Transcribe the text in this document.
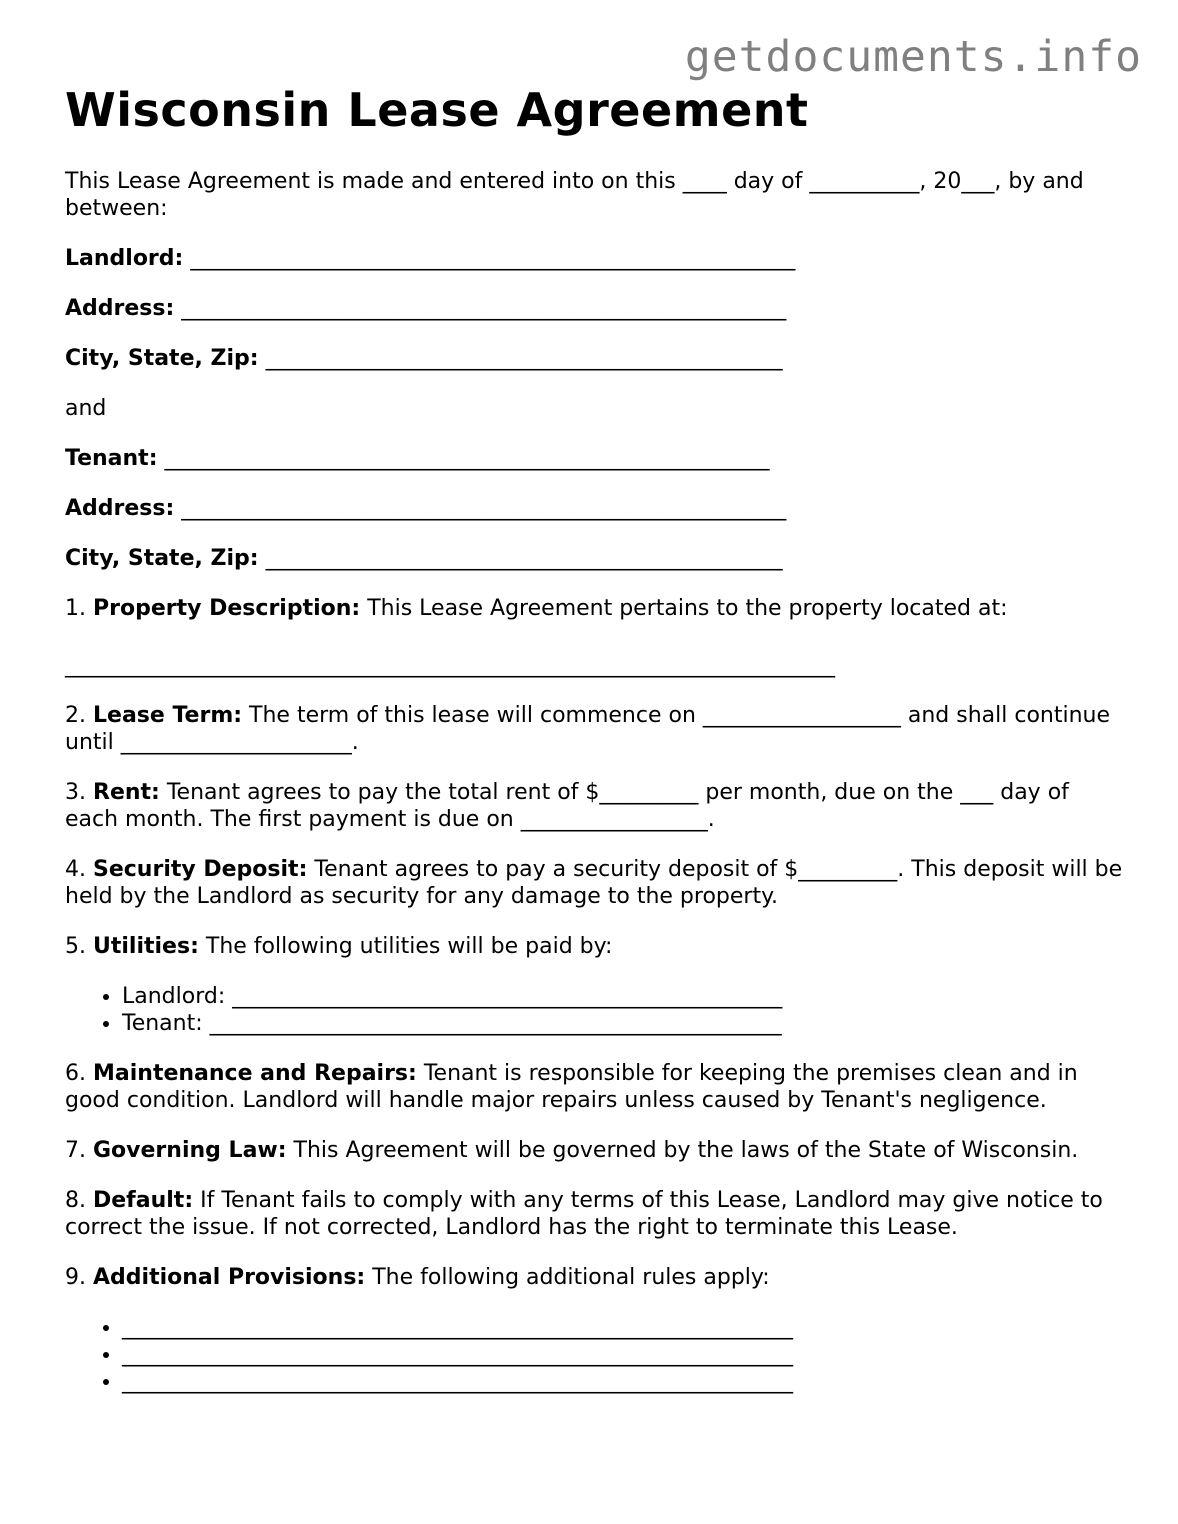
getdocuments.info
Wisconsin Lease Agreement

This Lease Agreement is made and entered into on this ____ day of __________, 20___, by and between:

Landlord: _______________________________________________________

Address: _______________________________________________________

City, State, Zip: _______________________________________________

and

Tenant: _______________________________________________________

Address: _______________________________________________________

City, State, Zip: _______________________________________________

1. Property Description: This Lease Agreement pertains to the property located at:

______________________________________________________________________

2. Lease Term: The term of this lease will commence on __________________ and shall continue until _____________________.

3. Rent: Tenant agrees to pay the total rent of $_________ per month, due on the ___ day of each month. The first payment is due on _________________.

4. Security Deposit: Tenant agrees to pay a security deposit of $_________. This deposit will be held by the Landlord as security for any damage to the property.

5. Utilities: The following utilities will be paid by:

• Landlord: __________________________________________________
• Tenant: ____________________________________________________

6. Maintenance and Repairs: Tenant is responsible for keeping the premises clean and in good condition. Landlord will handle major repairs unless caused by Tenant's negligence.

7. Governing Law: This Agreement will be governed by the laws of the State of Wisconsin.

8. Default: If Tenant fails to comply with any terms of this Lease, Landlord may give notice to correct the issue. If not corrected, Landlord has the right to terminate this Lease.

9. Additional Provisions: The following additional rules apply:

• _____________________________________________________________
• _____________________________________________________________
• _____________________________________________________________
